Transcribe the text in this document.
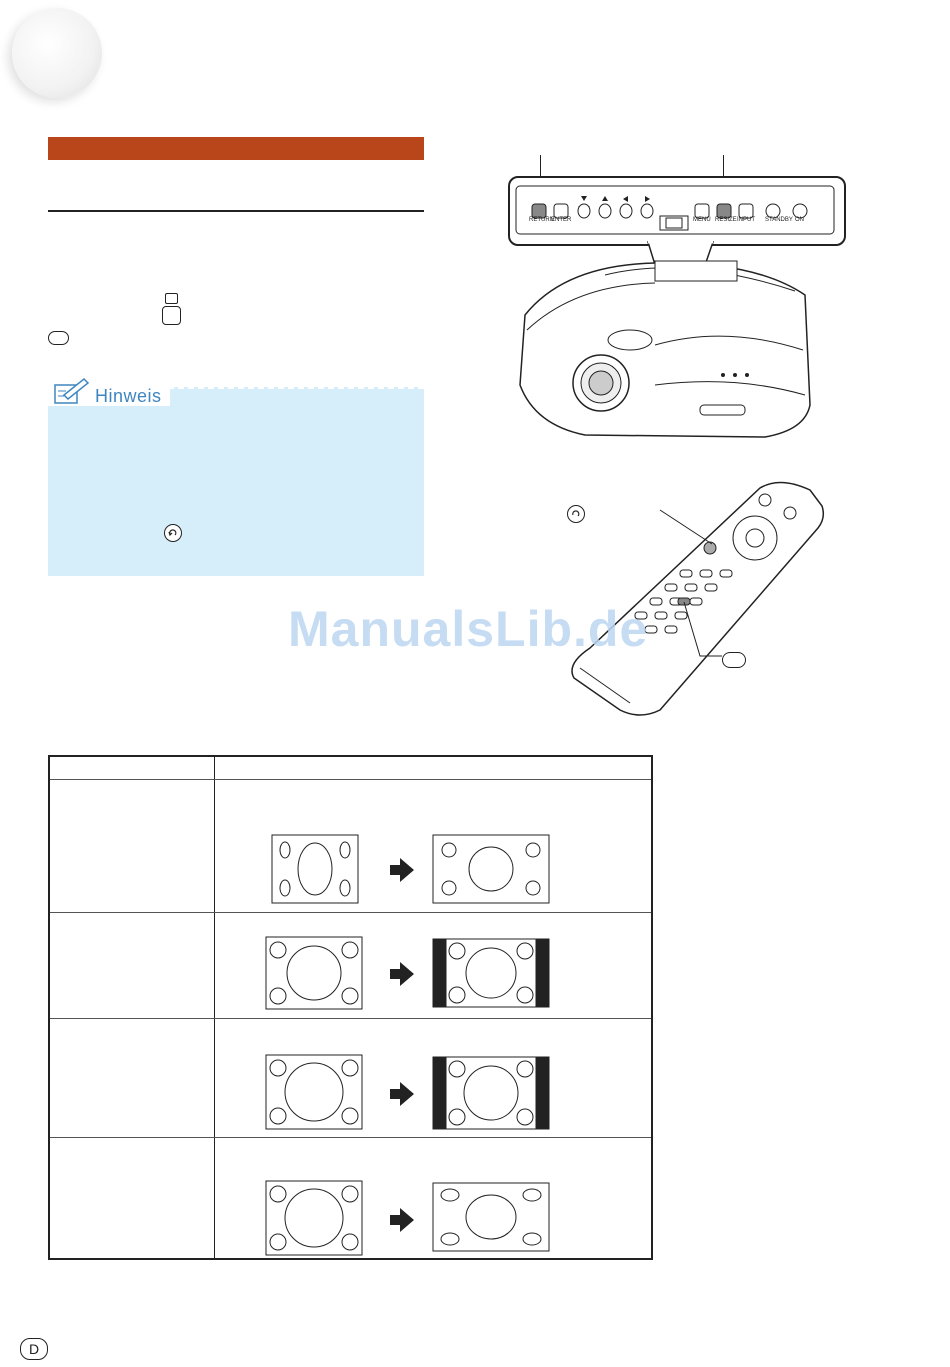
Hinweis
RETURN
ENTER	MENU RESIZE INPUT STANDBY ON
ManualsLib.de
D
